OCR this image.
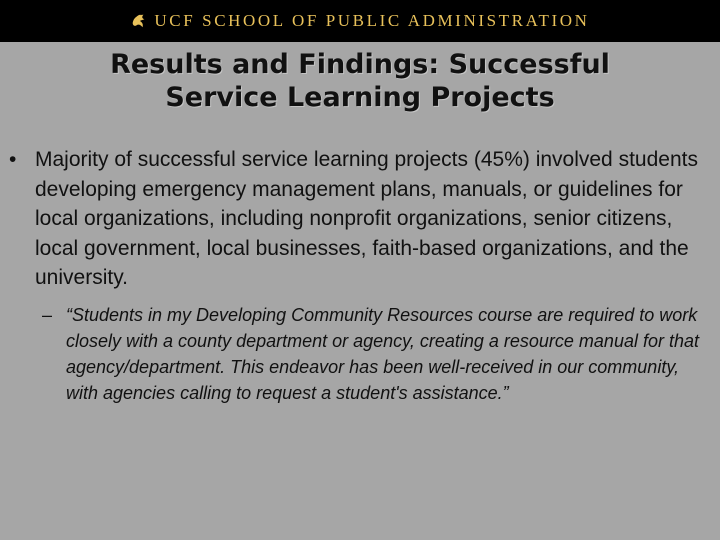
UCF SCHOOL OF PUBLIC ADMINISTRATION
Results and Findings: Successful
Service Learning Projects
• Majority of successful service learning projects (45%) involved students developing emergency management plans, manuals, or guidelines for local organizations, including nonprofit organizations, senior citizens, local government, local businesses, faith-based organizations, and the university.
– “Students in my Developing Community Resources course are required to work closely with a county department or agency, creating a resource manual for that agency/department. This endeavor has been well-received in our community, with agencies calling to request a student's assistance.”
